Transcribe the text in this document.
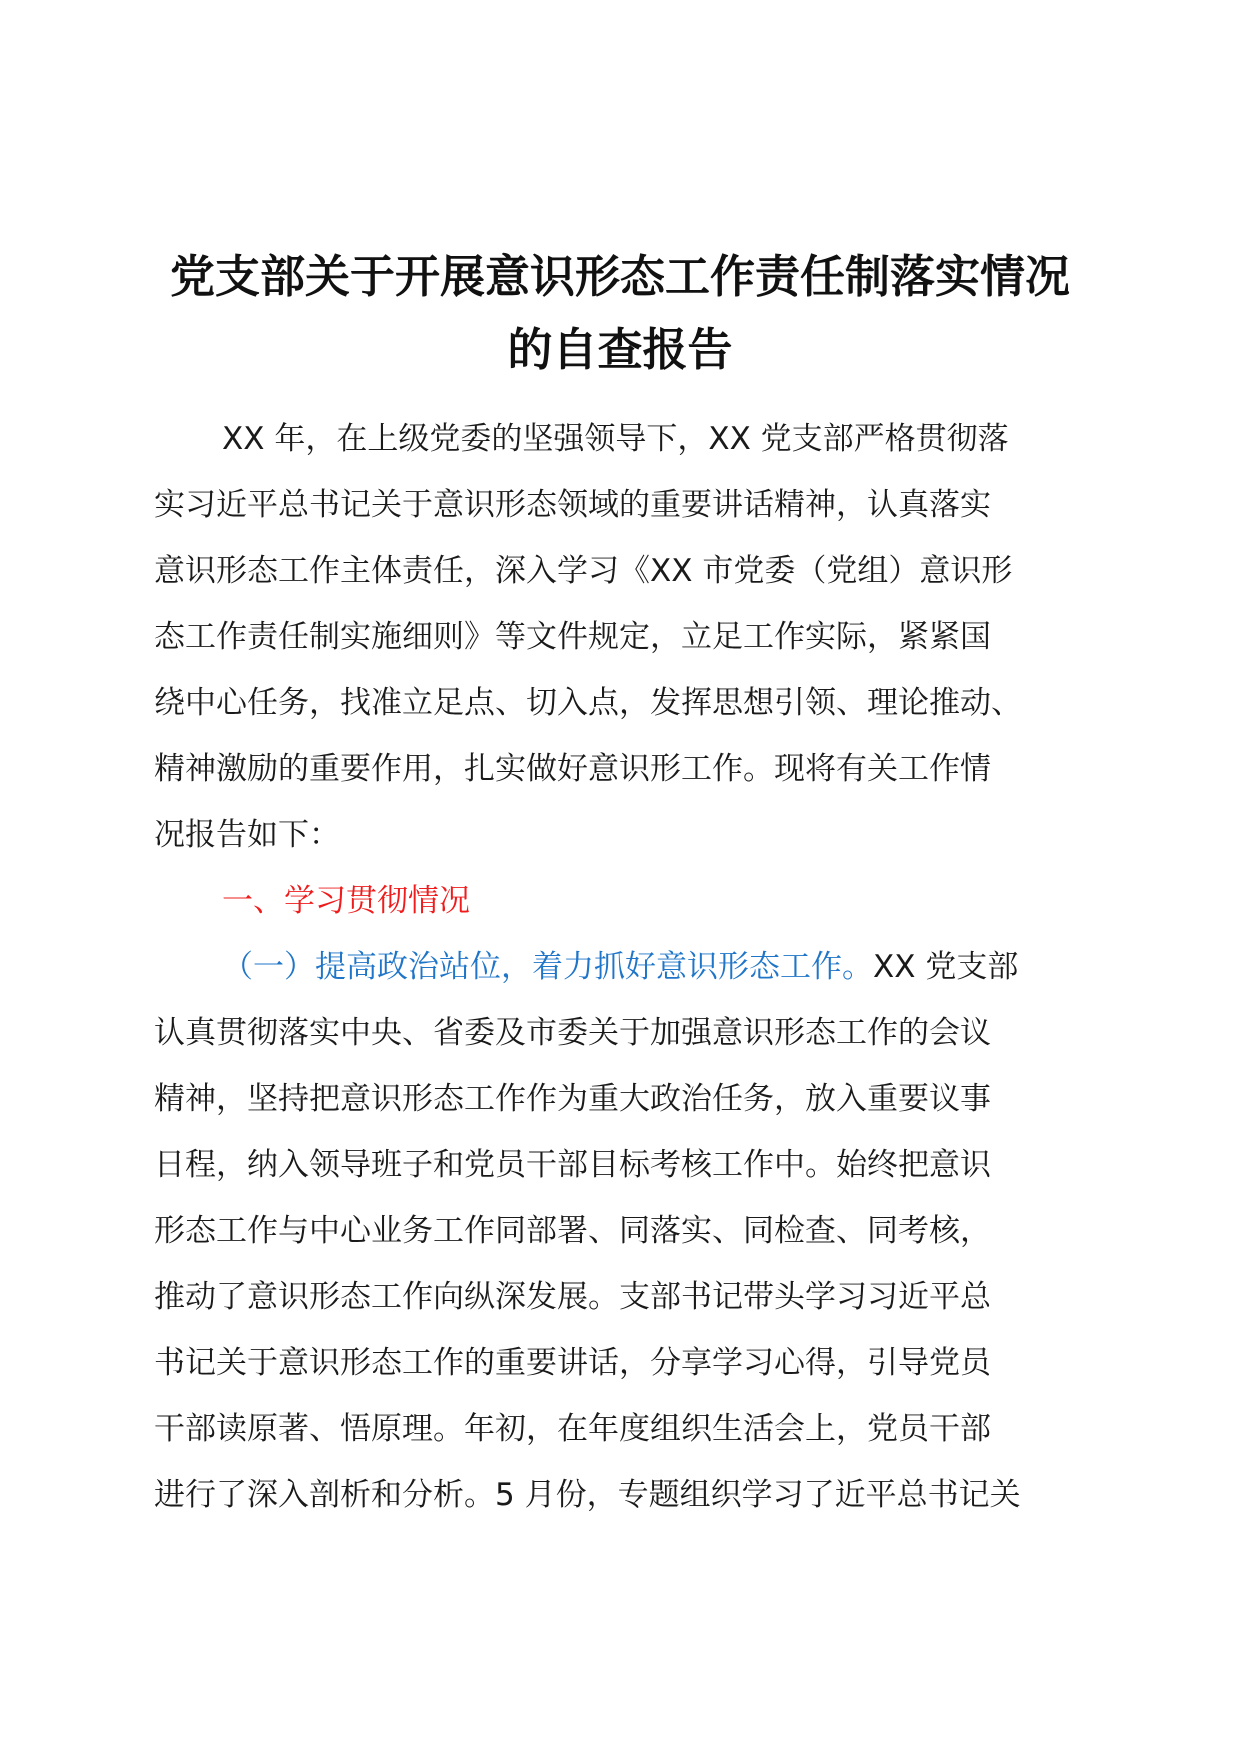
党支部关于开展意识形态工作责任制落实情况
的自查报告
XX 年，在上级党委的坚强领导下，XX 党支部严格贯彻落
实习近平总书记关于意识形态领域的重要讲话精神，认真落实
意识形态工作主体责任，深入学习《XX 市党委（党组）意识形
态工作责任制实施细则》等文件规定，立足工作实际，紧紧国
绕中心任务，找准立足点、切入点，发挥思想引领、理论推动、
精神激励的重要作用，扎实做好意识形工作。现将有关工作情
况报告如下：
一、学习贯彻情况
（一）提高政治站位，着力抓好意识形态工作。XX 党支部
认真贯彻落实中央、省委及市委关于加强意识形态工作的会议
精神，坚持把意识形态工作作为重大政治任务，放入重要议事
日程，纳入领导班子和党员干部目标考核工作中。始终把意识
形态工作与中心业务工作同部署、同落实、同检查、同考核，
推动了意识形态工作向纵深发展。支部书记带头学习习近平总
书记关于意识形态工作的重要讲话，分享学习心得，引导党员
干部读原著、悟原理。年初，在年度组织生活会上，党员干部
进行了深入剖析和分析。5 月份，专题组织学习了近平总书记关
